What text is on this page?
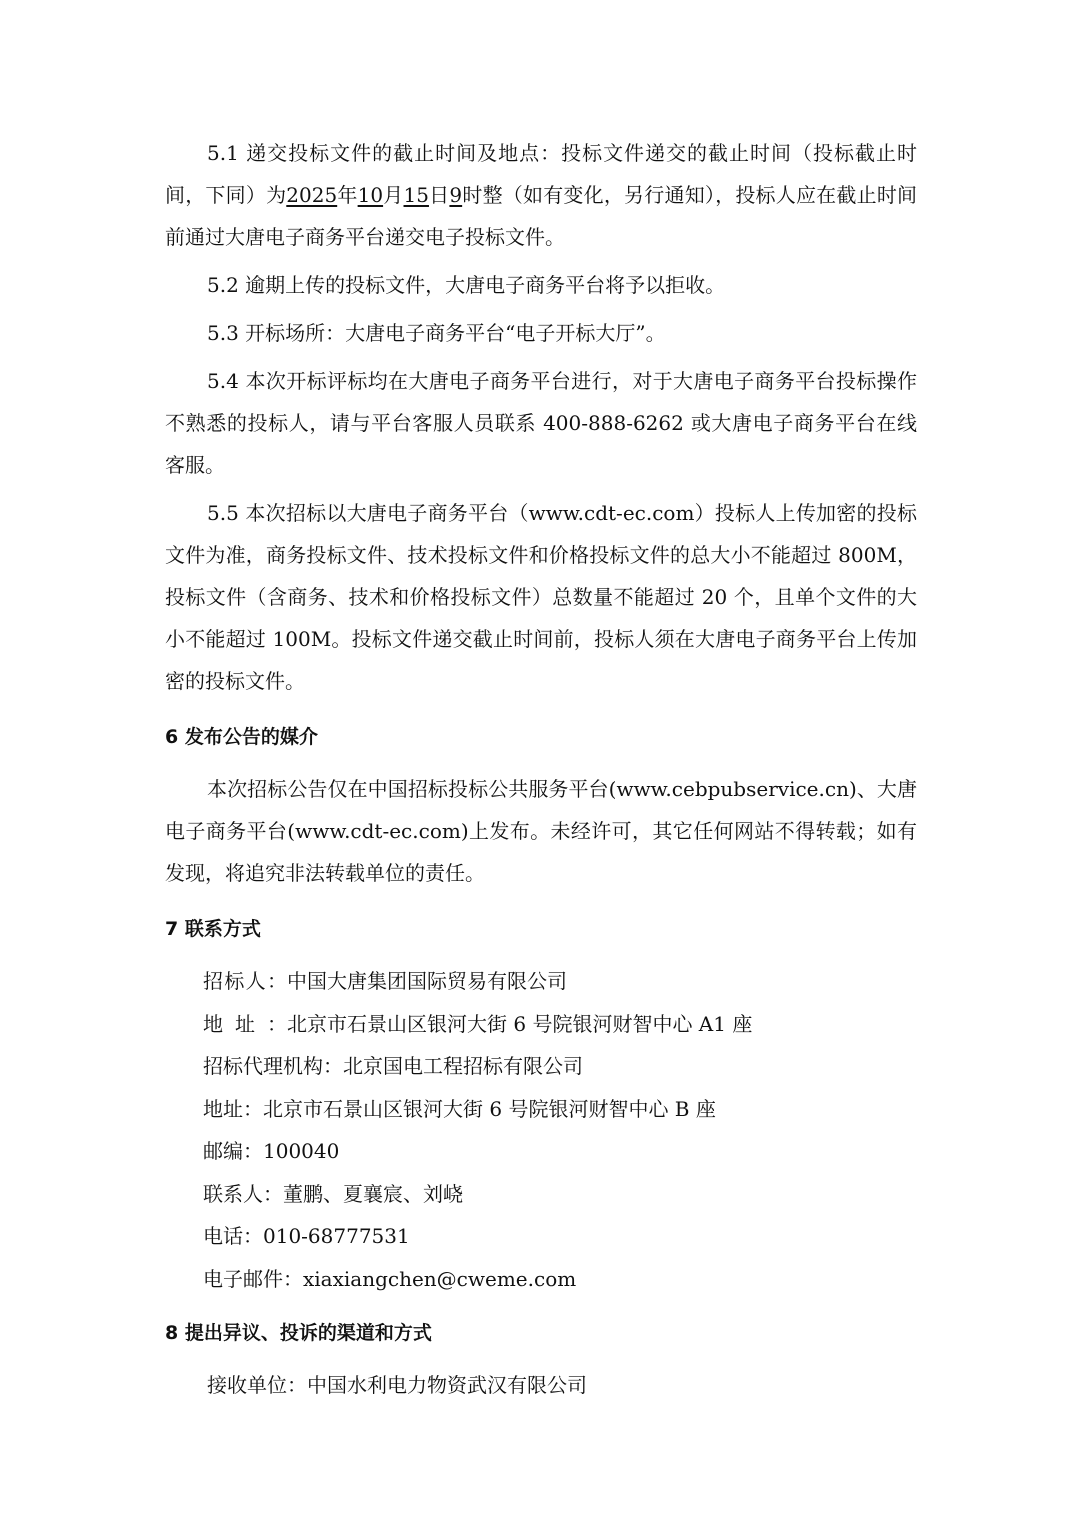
5.1 递交投标文件的截止时间及地点：投标文件递交的截止时间（投标截止时间，下同）为2025年10月15日9时整（如有变化，另行通知），投标人应在截止时间前通过大唐电子商务平台递交电子投标文件。

5.2 逾期上传的投标文件，大唐电子商务平台将予以拒收。

5.3 开标场所：大唐电子商务平台“电子开标大厅”。

5.4 本次开标评标均在大唐电子商务平台进行，对于大唐电子商务平台投标操作不熟悉的投标人，请与平台客服人员联系 400-888-6262 或大唐电子商务平台在线客服。

5.5 本次招标以大唐电子商务平台（www.cdt-ec.com）投标人上传加密的投标文件为准，商务投标文件、技术投标文件和价格投标文件的总大小不能超过 800M，投标文件（含商务、技术和价格投标文件）总数量不能超过 20 个，且单个文件的大小不能超过 100M。投标文件递交截止时间前，投标人须在大唐电子商务平台上传加密的投标文件。

6 发布公告的媒介

本次招标公告仅在中国招标投标公共服务平台(www.cebpubservice.cn)、大唐电子商务平台(www.cdt-ec.com)上发布。未经许可，其它任何网站不得转载；如有发现，将追究非法转载单位的责任。

7 联系方式

招标人：中国大唐集团国际贸易有限公司

地址：北京市石景山区银河大街 6 号院银河财智中心 A1 座

招标代理机构：北京国电工程招标有限公司

地址：北京市石景山区银河大街 6 号院银河财智中心 B 座

邮编：100040

联系人：董鹏、夏襄宸、刘峣

电话：010-68777531

电子邮件：xiaxiangchen@cweme.com

8 提出异议、投诉的渠道和方式

接收单位：中国水利电力物资武汉有限公司
